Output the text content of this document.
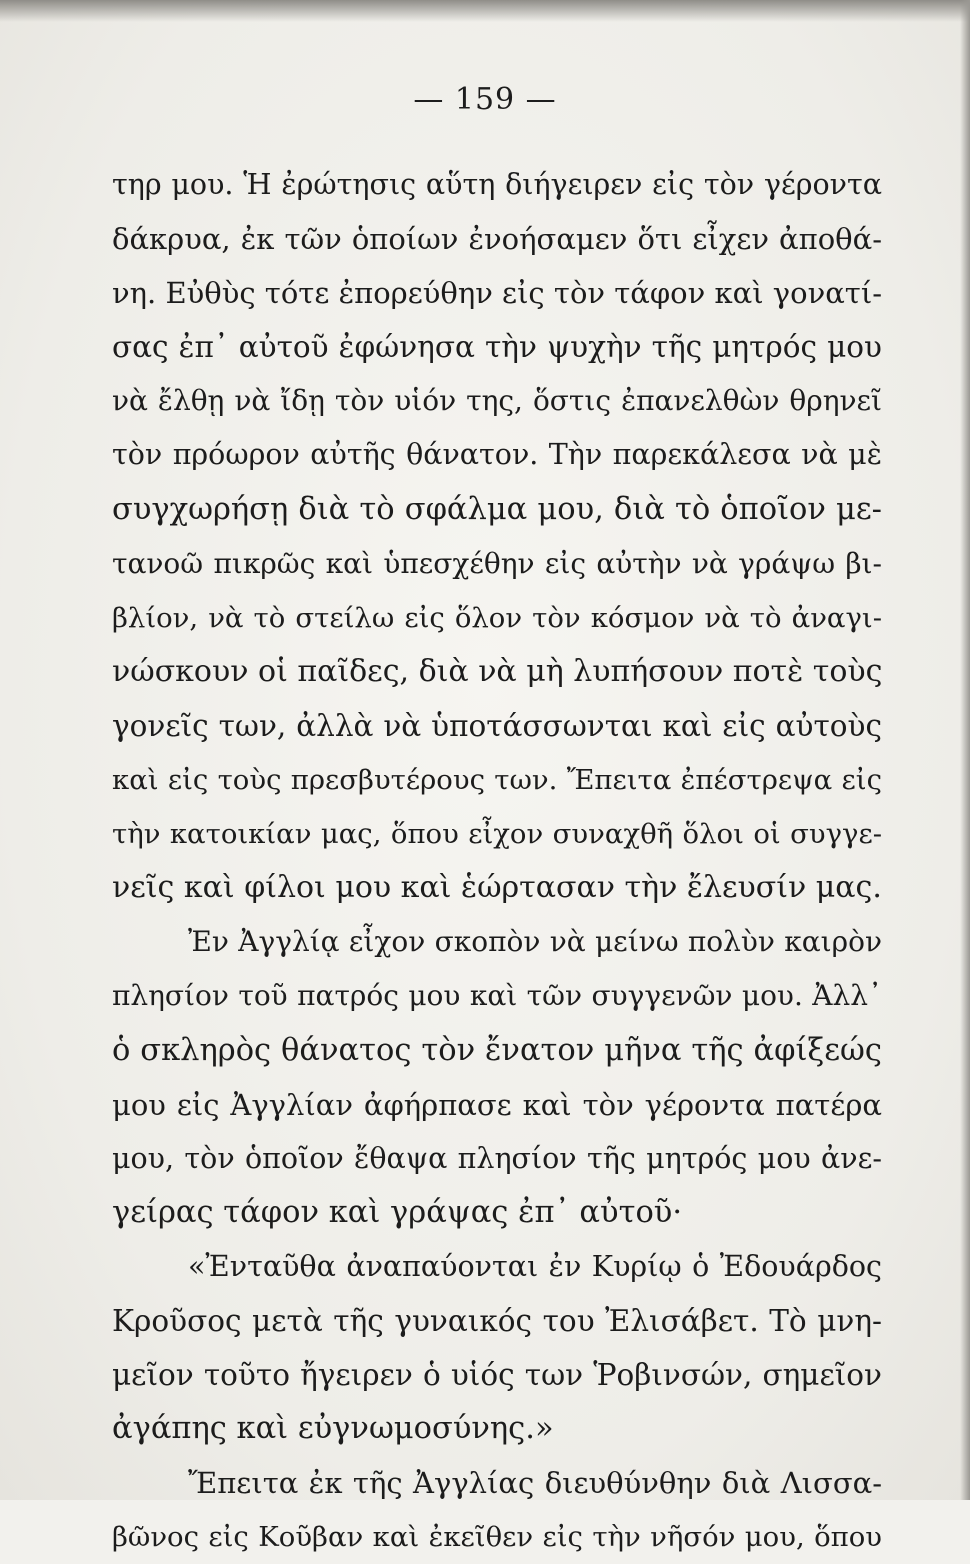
— 159 —
τηρ μου. Ἡ ἐρώτησις αὕτη διήγειρεν εἰς τὸν γέροντα
δάκρυα, ἐκ τῶν ὁποίων ἐνοήσαμεν ὅτι εἶχεν ἀποθά-
νη. Εὐθὺς τότε ἐπορεύθην εἰς τὸν τάφον καὶ γονατί-
σας ἐπ᾿ αὐτοῦ ἐφώνησα τὴν ψυχὴν τῆς μητρός μου
νὰ ἔλθῃ νὰ ἴδῃ τὸν υἱόν της, ὅστις ἐπανελθὼν θρηνεῖ
τὸν πρόωρον αὐτῆς θάνατον. Τὴν παρεκάλεσα νὰ μὲ
συγχωρήσῃ διὰ τὸ σφάλμα μου, διὰ τὸ ὁποῖον με-
τανοῶ πικρῶς καὶ ὑπεσχέθην εἰς αὐτὴν νὰ γράψω βι-
βλίον, νὰ τὸ στείλω εἰς ὅλον τὸν κόσμον νὰ τὸ ἀναγι-
νώσκουν οἱ παῖδες, διὰ νὰ μὴ λυπήσουν ποτὲ τοὺς
γονεῖς των, ἀλλὰ νὰ ὑποτάσσωνται καὶ εἰς αὐτοὺς
καὶ εἰς τοὺς πρεσβυτέρους των. Ἔπειτα ἐπέστρεψα εἰς
τὴν κατοικίαν μας, ὅπου εἶχον συναχθῆ ὅλοι οἱ συγγε-
νεῖς καὶ φίλοι μου καὶ ἑώρτασαν τὴν ἔλευσίν μας.
Ἐν Ἀγγλίᾳ εἶχον σκοπὸν νὰ μείνω πολὺν καιρὸν
πλησίον τοῦ πατρός μου καὶ τῶν συγγενῶν μου. Ἀλλ᾿
ὁ σκληρὸς θάνατος τὸν ἔνατον μῆνα τῆς ἀφίξεώς
μου εἰς Ἀγγλίαν ἀφήρπασε καὶ τὸν γέροντα πατέρα
μου, τὸν ὁποῖον ἔθαψα πλησίον τῆς μητρός μου ἀνε-
γείρας τάφον καὶ γράψας ἐπ᾿ αὐτοῦ·
«Ἐνταῦθα ἀναπαύονται ἐν Κυρίῳ ὁ Ἐδουάρδος
Κροῦσος μετὰ τῆς γυναικός του Ἐλισάβετ. Τὸ μνη-
μεῖον τοῦτο ἤγειρεν ὁ υἱός των Ῥοβινσών, σημεῖον
ἀγάπης καὶ εὐγνωμοσύνης.»
Ἔπειτα ἐκ τῆς Ἀγγλίας διευθύνθην διὰ Λισσα-
βῶνος εἰς Κοῦβαν καὶ ἐκεῖθεν εἰς τὴν νῆσόν μου, ὅπου
